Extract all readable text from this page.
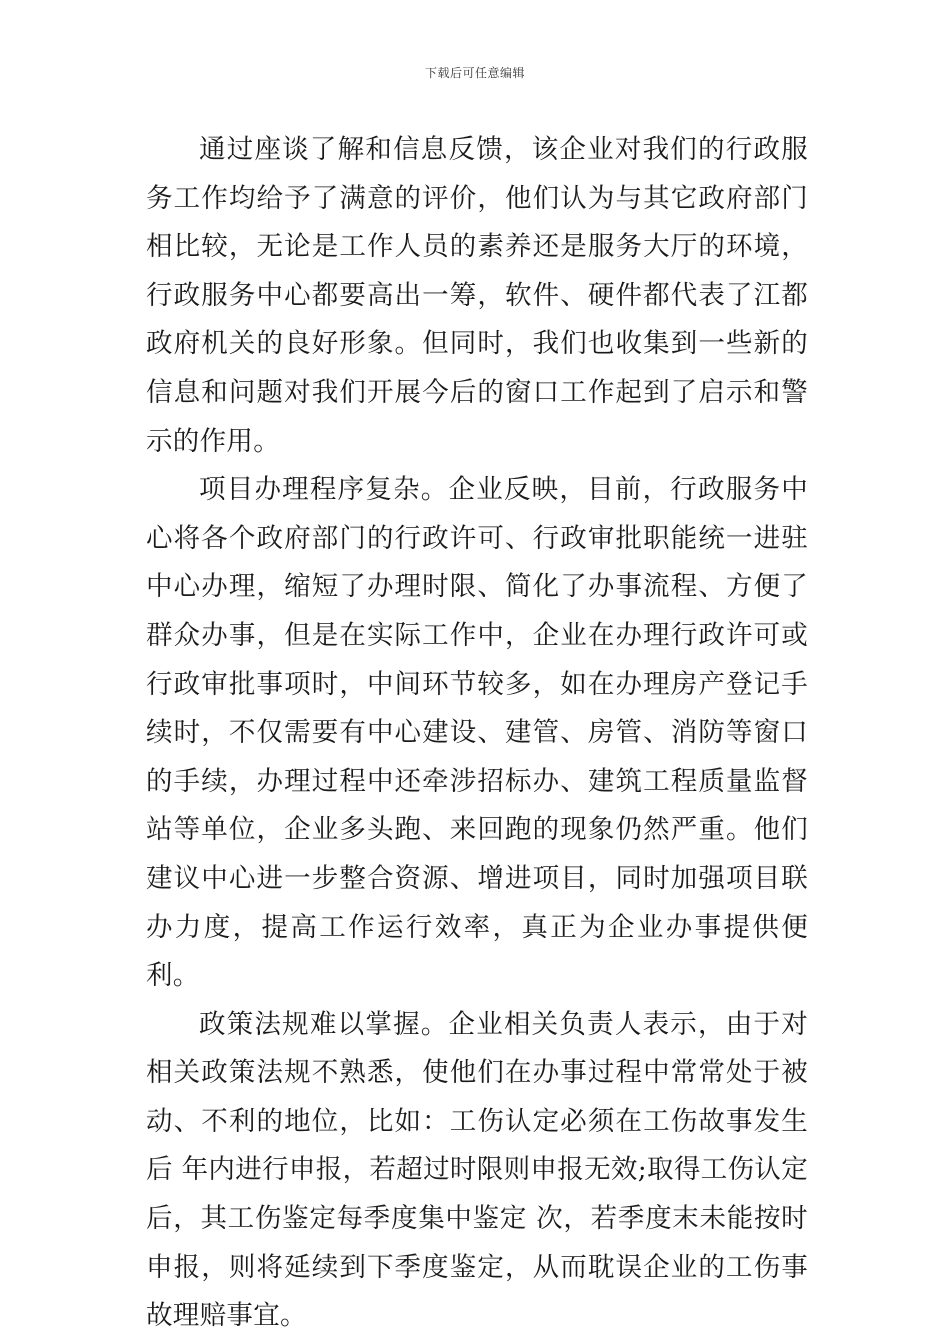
下载后可任意编辑

通过座谈了解和信息反馈，该企业对我们的行政服务工作均给予了满意的评价，他们认为与其它政府部门相比较，无论是工作人员的素养还是服务大厅的环境，行政服务中心都要高出一筹，软件、硬件都代表了江都政府机关的良好形象。但同时，我们也收集到一些新的信息和问题对我们开展今后的窗口工作起到了启示和警示的作用。

项目办理程序复杂。企业反映，目前，行政服务中心将各个政府部门的行政许可、行政审批职能统一进驻中心办理，缩短了办理时限、简化了办事流程、方便了群众办事，但是在实际工作中，企业在办理行政许可或行政审批事项时，中间环节较多，如在办理房产登记手续时，不仅需要有中心建设、建管、房管、消防等窗口的手续，办理过程中还牵涉招标办、建筑工程质量监督站等单位，企业多头跑、来回跑的现象仍然严重。他们建议中心进一步整合资源、增进项目，同时加强项目联办力度，提高工作运行效率，真正为企业办事提供便利。

政策法规难以掌握。企业相关负责人表示，由于对相关政策法规不熟悉，使他们在办事过程中常常处于被动、不利的地位，比如：工伤认定必须在工伤故事发生后 年内进行申报，若超过时限则申报无效;取得工伤认定后，其工伤鉴定每季度集中鉴定 次，若季度末未能按时申报，则将延续到下季度鉴定，从而耽误企业的工伤事故理赔事宜。
